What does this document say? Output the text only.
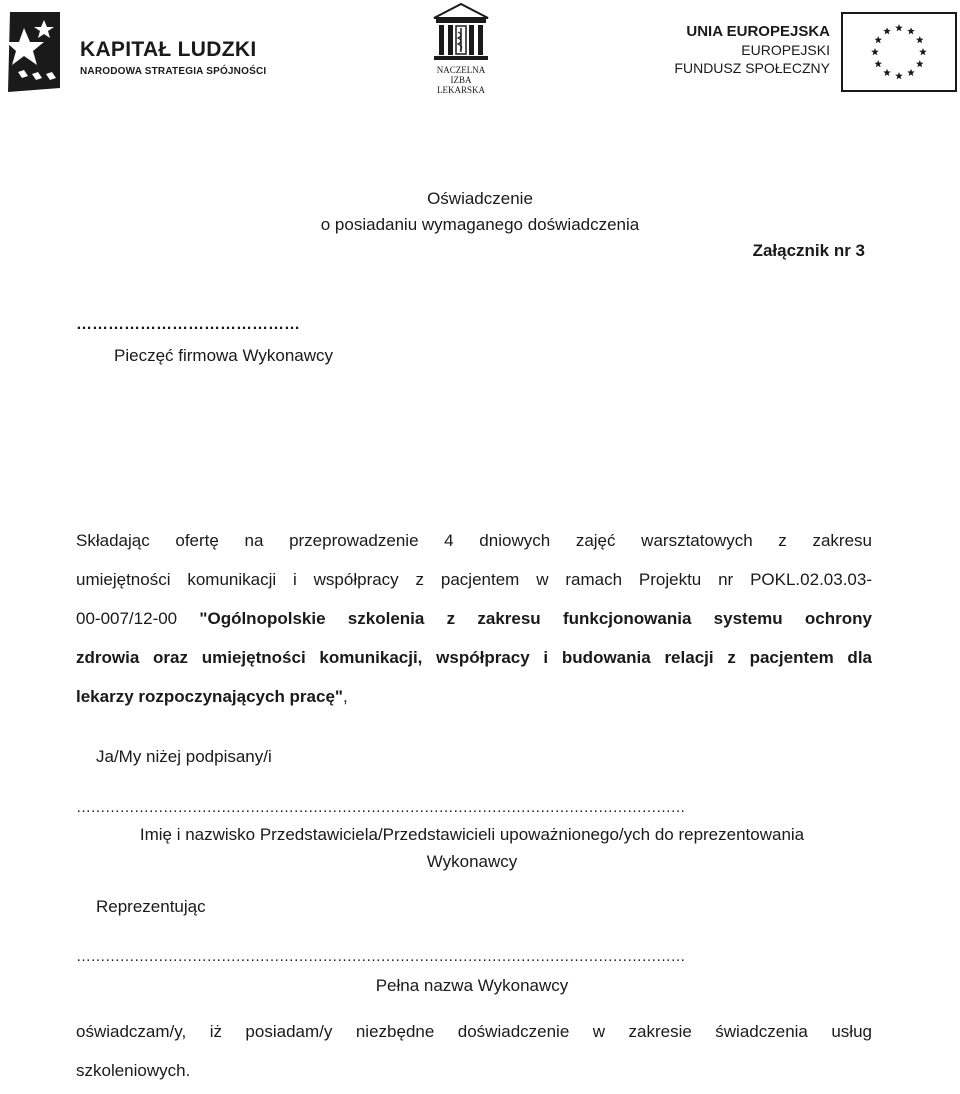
KAPITAŁ LUDZKI
NARODOWA STRATEGIA SPÓJNOŚCI	NACZELNA
IZBA LEKARSKA
UNIA EUROPEJSKA
EUROPEJSKI
FUNDUSZ SPOŁECZNY
Oświadczenie
o posiadaniu wymaganego doświadczenia
Załącznik nr 3
……………………………………
Pieczęć firmowa Wykonawcy
Składając ofertę na przeprowadzenie 4 dniowych zajęć warsztatowych z zakresu
umiejętności komunikacji i współpracy z pacjentem w ramach Projektu nr POKL.02.03.03-
00-007/12-00 "Ogólnopolskie szkolenia z zakresu funkcjonowania systemu ochrony
zdrowia oraz umiejętności komunikacji, współpracy i budowania relacji z pacjentem dla
lekarzy rozpoczynających pracę",
Ja/My niżej podpisany/i
………………………………………………………………………………………………………………
Imię i nazwisko Przedstawiciela/Przedstawicieli upoważnionego/ych do reprezentowania
Wykonawcy
Reprezentując
………………………………………………………………………………………………………………
Pełna nazwa Wykonawcy
oświadczam/y, iż posiadam/y niezbędne doświadczenie w zakresie świadczenia usług
szkoleniowych.
